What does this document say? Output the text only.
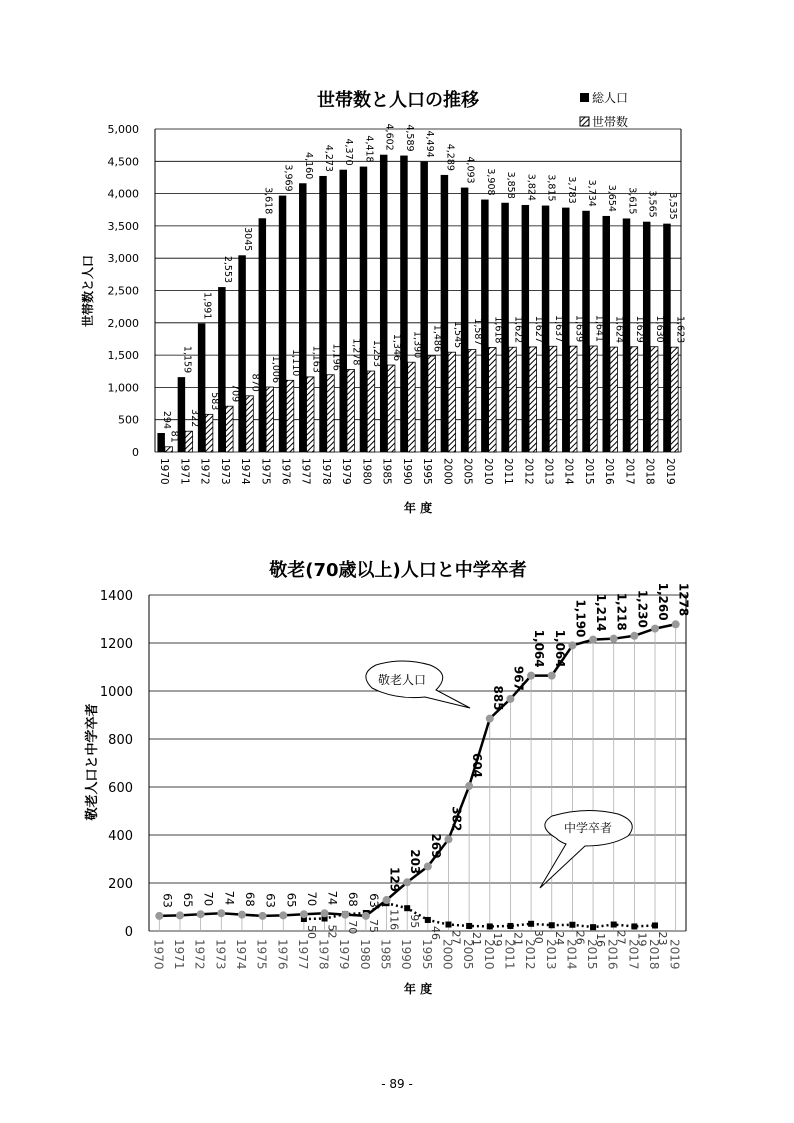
世帯数と人口の推移	総人口
世帯数
0
500
1,000
1,500
2,000
2,500
3,000
3,500
4,000
4,500
5,000
294
81
1,159
322
1,991
583
2,553
709
3045
870
3,618
1,006
3,969
1,110
4,160
1,163
4,273
1,196
4,370
1,278
4,418
1,253
4,602
1,346
4,589
1,390
4,494
1,486
4,289
1,545
4,093
1,587
3,908
1,618
3,858
1,622
3,824
1,627
3,815
1,637
3,783
1,639
3,734
1,641
3,654
1,624
3,615
1,629
3,565
1,630
3,535
1,623
1970 1971 1972 1973 1974 1975 1976 1977 1978 1979 1980 1985 1990 1995 2000 2005 2010 2011 2012 2013 2014 2015 2016 2017 2018 2019
世帯数と人口
年 度
敬老(70歳以上)人口と中学卒者
0
200
400
600
800
1000
1200
1400
63 65 70 74 68 63 65 70 74 68 63
129
203
269
382
604
885
967
1,064 1,064
1,190 1,214 1,218 1,230 1,260 1278
50 52 70 75 116 95
46 27 21 19 21 30 24 26 16 27 19 23
1970 1971 1972 1973 1974 1975 1976 1977 1978 1979 1980 1985 1990 1995 2000 2005 2010 2011 2012 2013 2014 2015 2016 2017 2018 2019
敬老人口と中学卒者
年 度
敬老人口
中学卒者
- 89 -
